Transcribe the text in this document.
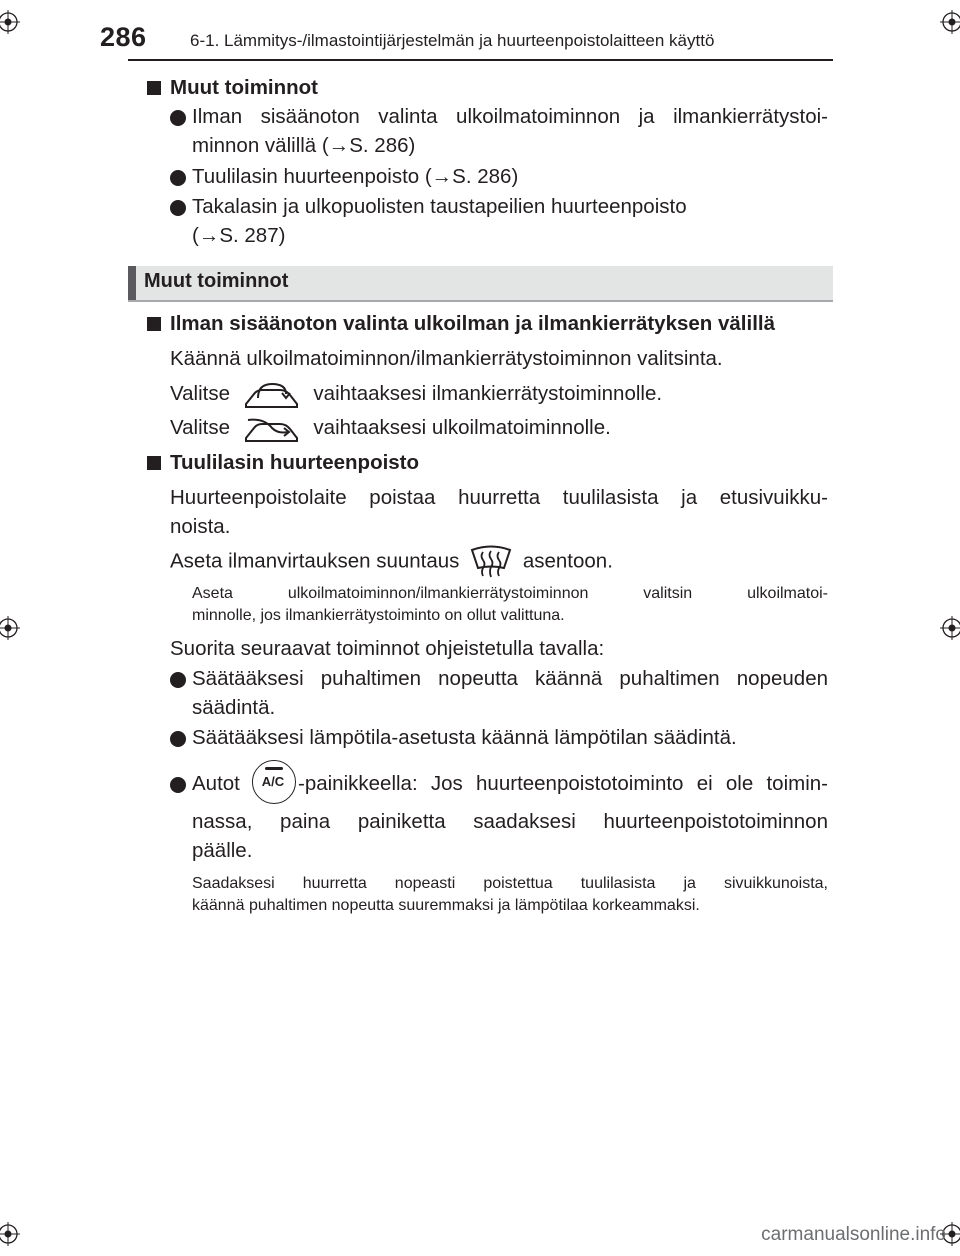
286	6-1. Lämmitys-/ilmastointijärjestelmän ja huurteenpoistolaitteen käyttö
Muut toiminnot
Ilman sisäänoton valinta ulkoilmatoiminnon ja ilmankierrätystoi-
minnon välillä (→S. 286)
Tuulilasin huurteenpoisto (→S. 286)
Takalasin ja ulkopuolisten taustapeilien huurteenpoisto
(→S. 287)
Muut toiminnot
Ilman sisäänoton valinta ulkoilman ja ilmankierrätyksen välillä
Käännä ulkoilmatoiminnon/ilmankierrätystoiminnon valitsinta.
Valitse	vaihtaaksesi ilmankierrätystoiminnolle.
Valitse	vaihtaaksesi ulkoilmatoiminnolle.
Tuulilasin huurteenpoisto
Huurteenpoistolaite poistaa huurretta tuulilasista ja etusivuikku-
noista.
Aseta ilmanvirtauksen suuntaus	asentoon.
Aseta ulkoilmatoiminnon/ilmankierrätystoiminnon valitsin ulkoilmatoi-
minnolle, jos ilmankierrätystoiminto on ollut valittuna.
Suorita seuraavat toiminnot ohjeistetulla tavalla:
Säätääksesi puhaltimen nopeutta käännä puhaltimen nopeuden
säädintä.
Säätääksesi lämpötila-asetusta käännä lämpötilan säädintä.
Autot	A/C -painikkeella: Jos huurteenpoistotoiminto ei ole toimin-
nassa, paina painiketta saadaksesi huurteenpoistotoiminnon
päälle.
Saadaksesi huurretta nopeasti poistettua tuulilasista ja sivuikkunoista,
käännä puhaltimen nopeutta suuremmaksi ja lämpötilaa korkeammaksi.
carmanualsonline.info
